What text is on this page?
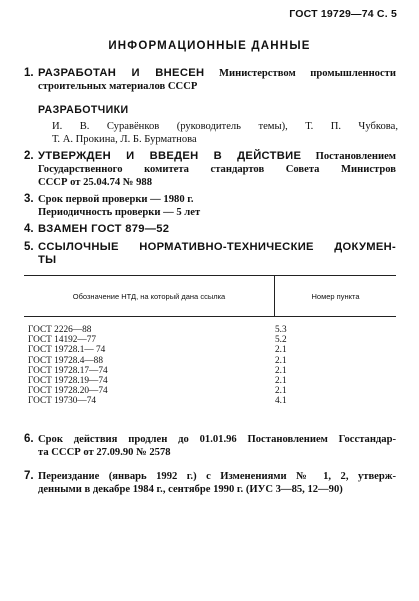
ГОСТ 19729—74 С. 5
ИНФОРМАЦИОННЫЕ ДАННЫЕ
1. РАЗРАБОТАН И ВНЕСЕН Министерством промышленности
строительных материалов СССР
РАЗРАБОТЧИКИ
И. В. Суравёнков (руководитель темы), Т. П. Чубкова,
Т. А. Прокина, Л. Б. Бурматнова
2. УТВЕРЖДЕН И ВВЕДЕН В ДЕЙСТВИЕ Постановлением
Государственного комитета стандартов Совета Министров
СССР от 25.04.74 № 988
3. Срок первой проверки — 1980 г.
Периодичность проверки — 5 лет
4. ВЗАМЕН ГОСТ 879—52
5. ССЫЛОЧНЫЕ НОРМАТИВНО-ТЕХНИЧЕСКИЕ ДОКУМЕН-
ТЫ
Обозначение НТД, на который дана ссылка	Номер пункта
ГОСТ 2226—88	5.3
ГОСТ 14192—77	5.2
ГОСТ 19728.1— 74	2.1
ГОСТ 19728.4—88	2.1
ГОСТ 19728.17—74	2.1
ГОСТ 19728.19—74	2.1
ГОСТ 19728.20—74	2.1
ГОСТ 19730—74	4.1
6. Срок действия продлен до 01.01.96 Постановлением Госстандар-
та СССР от 27.09.90 № 2578
7. Переиздание (январь 1992 г.) с Изменениями № 1, 2, утверж-
денными в декабре 1984 г., сентябре 1990 г. (ИУС 3—85, 12—90)
